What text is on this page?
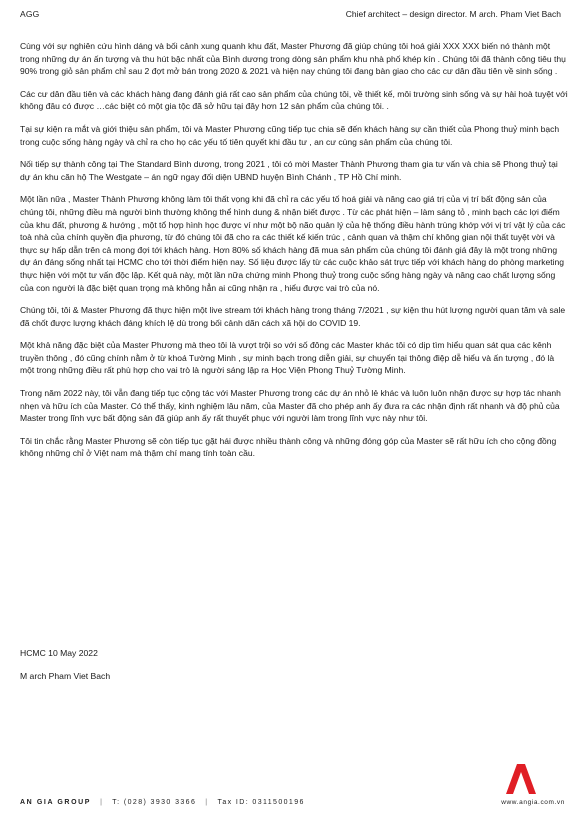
AGG	Chief architect – design director. M arch. Pham Viet Bach

Cùng với sự nghiên cứu hình dáng và bối cảnh xung quanh khu đất, Master Phương đã giúp chúng tôi hoá giải XXX XXX biến nó thành một trong những dự án ấn tượng và thu hút bậc nhất của Bình dương trong dòng sản phẩm khu nhà phố khép kín . Chúng tôi đã thành công tiêu thụ 90% trong giỏ sản phẩm chỉ sau 2 đợt mở bán trong 2020 & 2021 và hiện nay chúng tôi đang bàn giao cho các cư dân đầu tiên về sinh sống .

Các cư dân đầu tiên và các khách hàng đang đánh giá rất cao sản phẩm của chúng tôi, về thiết kế, môi trường sinh sống và sự hài hoà tuyệt với không đâu có được …các biệt có một gia tộc đã sở hữu tại đây hơn 12 sản phẩm của chúng tôi. .

Tại sự kiện ra mắt và giới thiệu sản phẩm, tôi và Master Phương cũng tiếp tục chia sẽ đến khách hàng sự cần thiết của Phong thuỷ minh bạch trong cuộc sống hàng ngày và chỉ ra cho họ các yếu tố tiên quyết khi đầu tư , an cư cùng sản phẩm của chúng tôi.

Nối tiếp sự thành công tại The Standard Bình dương, trong 2021 , tôi có mời Master Thành Phương tham gia tư vấn và chia sẽ Phong thuỷ tại dự án khu căn hộ The Westgate – án ngữ ngay đối diện UBND huyện Bình Chánh , TP Hồ Chí minh.

Một lần nữa , Master Thành Phương không làm tôi thất vọng khi đã chỉ ra các yếu tố hoá giải và nâng cao giá trị của vị trí bất động sản của chúng tôi, những điều mà người bình thường không thể hình dung & nhận biết được . Từ các phát hiện – làm sáng tỏ , minh bạch các lợi điểm của khu đất, phương & hướng , một tổ hợp hình học được ví như một bộ não quản lý của hệ thống điều hành trùng khớp với vị trí vật lý của các toà nhà của chính quyền địa phương, từ đó chúng tôi đã cho ra các thiết kế kiến trúc , cảnh quan và thậm chí không gian nội thất tuyệt vời và thực sự hấp dẫn trên cả mong đợi tới khách hàng. Hơn 80% số khách hàng đã mua sản phẩm của chúng tôi đánh giá đây là một trong những dự án đáng sống nhất tại HCMC cho tới thời điểm hiện nay. Số liệu được lấy từ các cuộc khảo sát trực tiếp với khách hàng do phòng marketing thực hiện với một tư vấn độc lập. Kết quả này, một lần nữa chứng minh Phong thuỷ trong cuộc sống hàng ngày và nâng cao chất lượng sống của con người là đặc biệt quan trọng mà không hẳn ai cũng nhận ra , hiểu được vai trò của nó.

Chúng tôi, tôi & Master Phương đã thực hiện một live stream tới khách hàng trong tháng 7/2021 , sự kiện thu hút lượng người quan tâm và sale đã chốt được lượng khách đáng khích lệ dù trong bối cảnh dãn cách xã hội do COVID 19.

Một khả năng đặc biệt của Master Phương mà theo tôi là vượt trội so với số đông các Master khác tôi có dịp tìm hiểu quan sát qua các kênh truyền thông , đó cũng chính nằm ở từ khoá Tường Minh , sự minh bạch trong diễn giải, sự chuyển tại thông điệp dễ hiểu và ấn tượng , đó là một trong những điều rất phù hợp cho vai trò là người sáng lập ra Học Viện Phong Thuỷ Tường Minh.

Trong năm 2022 này, tôi vẫn đang tiếp tục cộng tác với Master Phương trong các dự án nhỏ lẻ khác và luôn luôn nhận được sự hợp tác nhanh nhẹn và hữu ích của Master. Có thể thấy, kinh nghiệm lâu năm, của Master đã cho phép anh ấy đưa ra các nhận định rất nhanh và độ phủ của Master trong lĩnh vực bất động sản đã giúp anh ấy rất thuyết phục với người làm trong lĩnh vực này như tôi.

Tôi tin chắc rằng Master Phương sẽ còn tiếp tục gặt hái được nhiều thành công và những đóng góp của Master sẽ rất hữu ích cho cộng đồng không những chỉ ở Việt nam mà thậm chí mang tính toàn cầu.

HCMC 10 May 2022
M arch Pham Viet Bach
AN GIA GROUP | T: (028) 3930 3366 | Tax ID: 0311500196	www.angia.com.vn
